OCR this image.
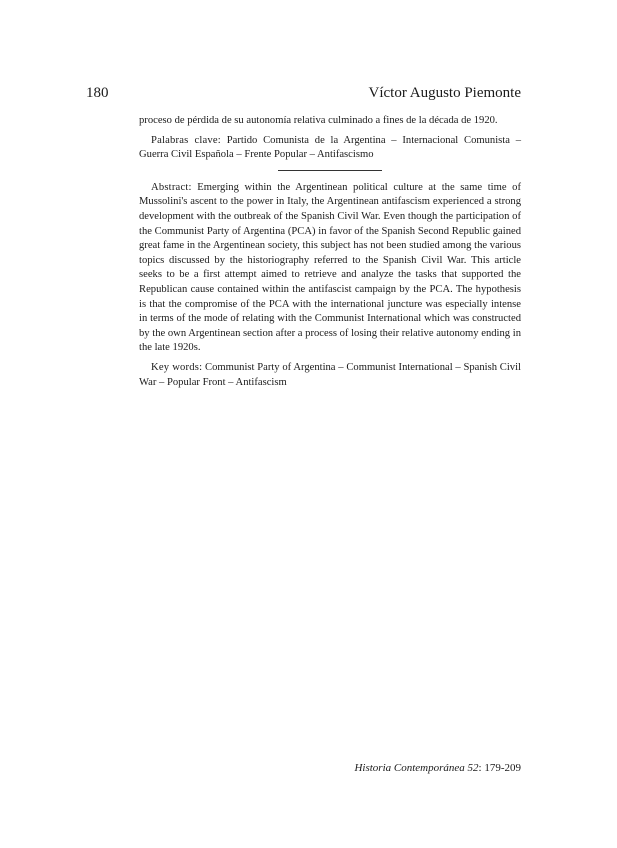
180	Víctor Augusto Piemonte

proceso de pérdida de su autonomía relativa culminado a fines de la década de 1920.

Palabras clave: Partido Comunista de la Argentina – Internacional Comunista – Guerra Civil Española – Frente Popular – Antifascismo

Abstract: Emerging within the Argentinean political culture at the same time of Mussolini's ascent to the power in Italy, the Argentinean antifascism experienced a strong development with the outbreak of the Spanish Civil War. Even though the participation of the Communist Party of Argentina (PCA) in favor of the Spanish Second Republic gained great fame in the Argentinean society, this subject has not been studied among the various topics discussed by the historiography referred to the Spanish Civil War. This article seeks to be a first attempt aimed to retrieve and analyze the tasks that supported the Republican cause contained within the antifascist campaign by the PCA. The hypothesis is that the compromise of the PCA with the international juncture was especially intense in terms of the mode of relating with the Communist International which was constructed by the own Argentinean section after a process of losing their relative autonomy ending in the late 1920s.

Key words: Communist Party of Argentina – Communist International – Spanish Civil War – Popular Front – Antifascism

Historia Contemporánea 52: 179-209
